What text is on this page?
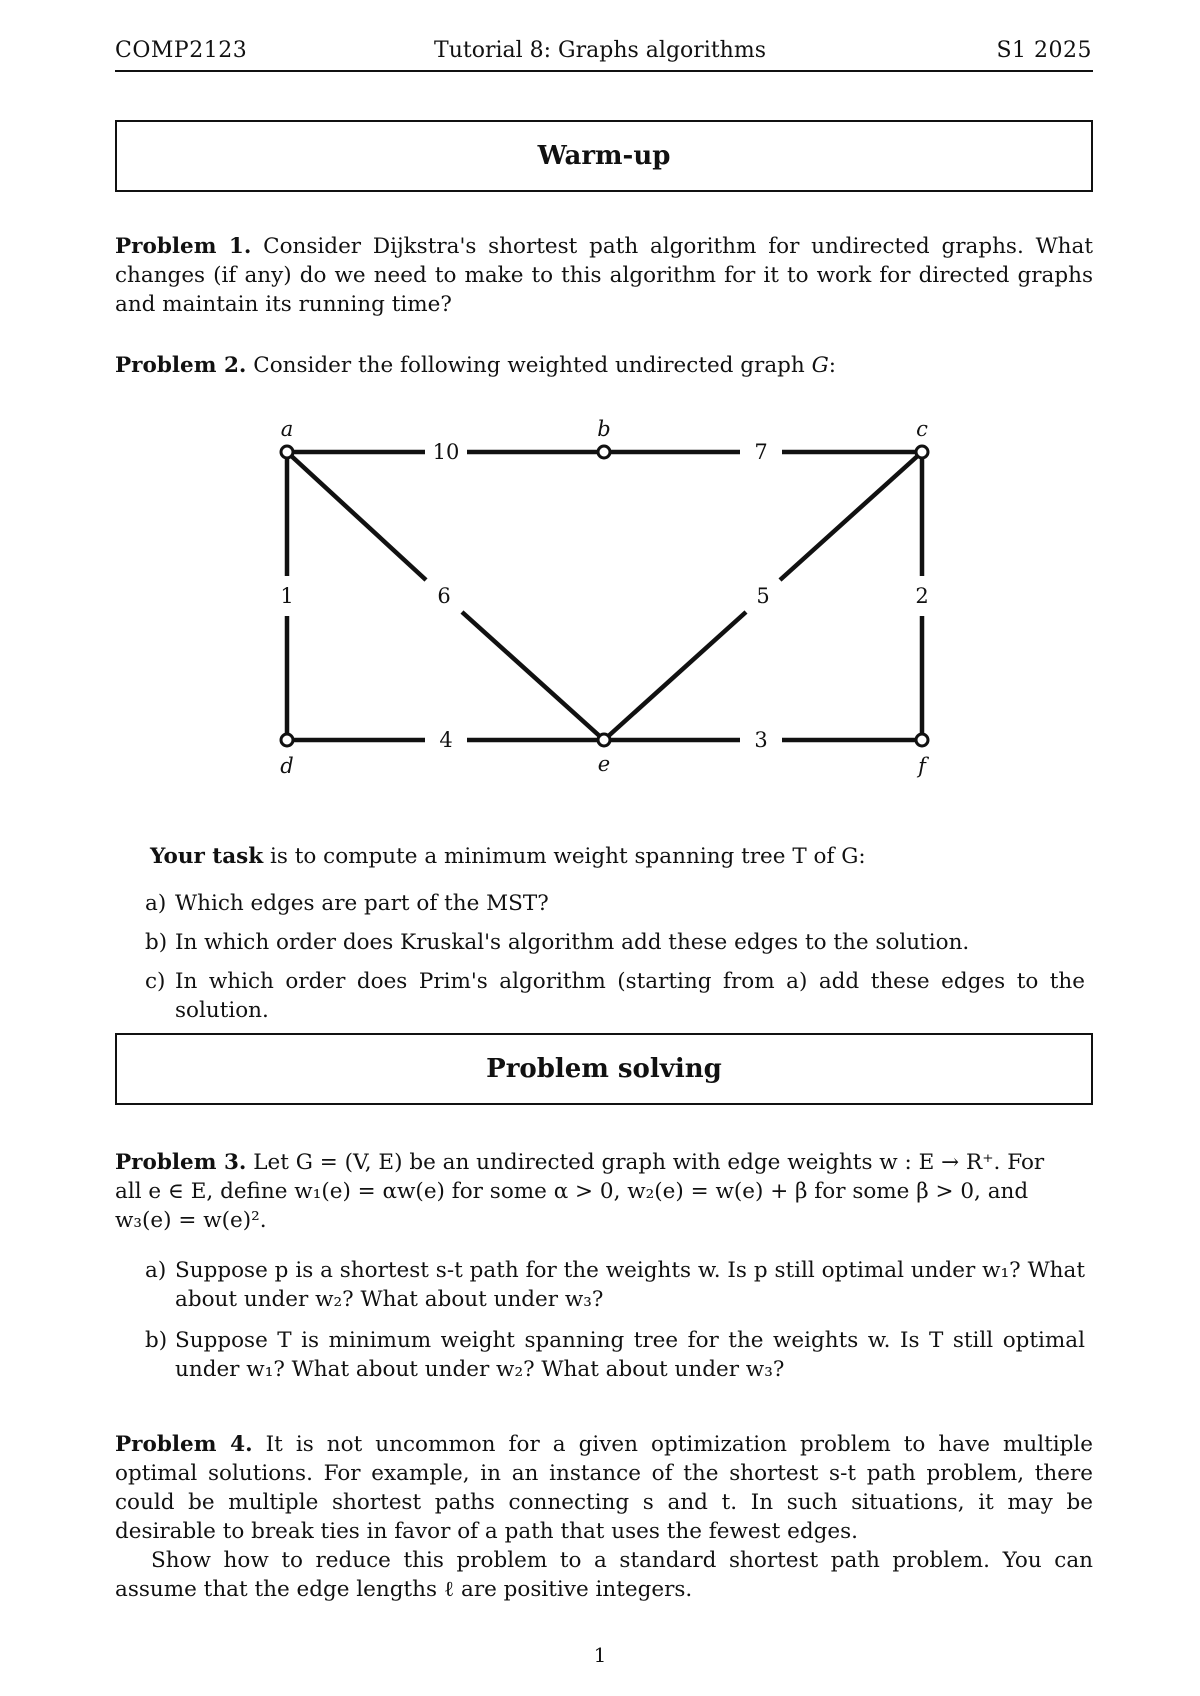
COMP2123	Tutorial 8: Graphs algorithms	S1 2025
Warm-up
Problem 1. Consider Dijkstra's shortest path algorithm for undirected graphs. What changes (if any) do we need to make to this algorithm for it to work for directed graphs and maintain its running time?
Problem 2. Consider the following weighted undirected graph G:
10	7
1	6	5	2
4	3
a	b	c
d	e	f
Your task is to compute a minimum weight spanning tree T of G:
a) Which edges are part of the MST?
b) In which order does Kruskal's algorithm add these edges to the solution.
c) In which order does Prim's algorithm (starting from a) add these edges to the solution.
Problem solving
Problem 3. Let G = (V, E) be an undirected graph with edge weights w : E → R⁺. For
all e ∈ E, define w₁(e) = αw(e) for some α > 0, w₂(e) = w(e) + β for some β > 0, and
w₃(e) = w(e)².
a) Suppose p is a shortest s-t path for the weights w. Is p still optimal under w₁? What about under w₂? What about under w₃?
b) Suppose T is minimum weight spanning tree for the weights w. Is T still optimal under w₁? What about under w₂? What about under w₃?
Problem 4. It is not uncommon for a given optimization problem to have multiple optimal solutions. For example, in an instance of the shortest s-t path problem, there could be multiple shortest paths connecting s and t. In such situations, it may be desirable to break ties in favor of a path that uses the fewest edges.
Show how to reduce this problem to a standard shortest path problem. You can assume that the edge lengths ℓ are positive integers.
1
